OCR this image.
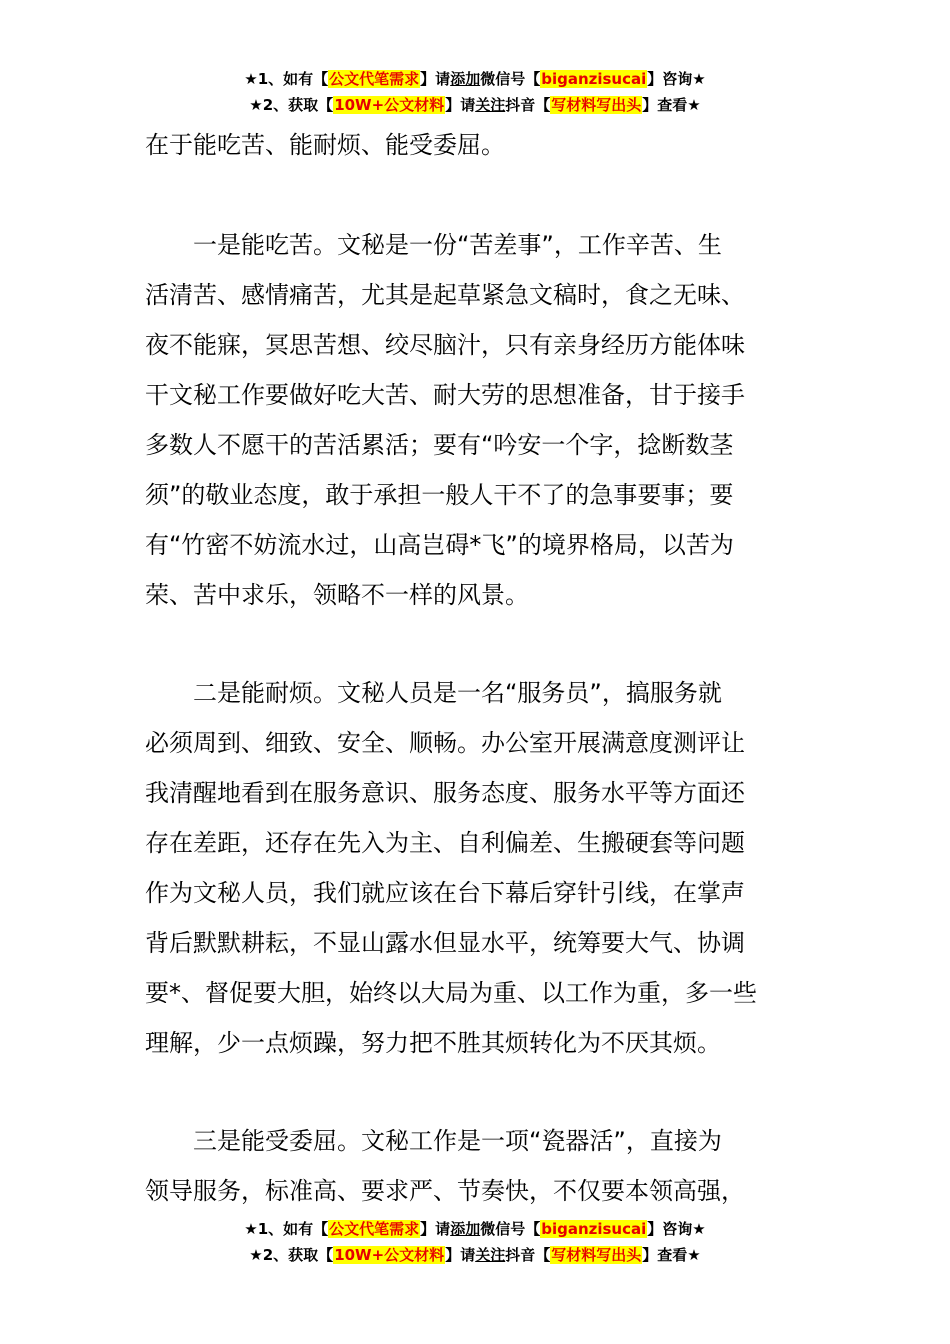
★1、如有【公文代笔需求】请添加微信号【biganzisucai】咨询★
★2、获取【10W+公文材料】请关注抖音【写材料写出头】查看★
在于能吃苦、能耐烦、能受委屈。
一是能吃苦。文秘是一份“苦差事”，工作辛苦、生
活清苦、感情痛苦，尤其是起草紧急文稿时，食之无味、
夜不能寐，冥思苦想、绞尽脑汁，只有亲身经历方能体味
干文秘工作要做好吃大苦、耐大劳的思想准备，甘于接手
多数人不愿干的苦活累活；要有“吟安一个字，捻断数茎
须”的敬业态度，敢于承担一般人干不了的急事要事；要
有“竹密不妨流水过，山高岂碍*飞”的境界格局，以苦为
荣、苦中求乐，领略不一样的风景。
二是能耐烦。文秘人员是一名“服务员”，搞服务就
必须周到、细致、安全、顺畅。办公室开展满意度测评让
我清醒地看到在服务意识、服务态度、服务水平等方面还
存在差距，还存在先入为主、自利偏差、生搬硬套等问题
作为文秘人员，我们就应该在台下幕后穿针引线，在掌声
背后默默耕耘，不显山露水但显水平，统筹要大气、协调
要*、督促要大胆，始终以大局为重、以工作为重，多一些
理解，少一点烦躁，努力把不胜其烦转化为不厌其烦。
三是能受委屈。文秘工作是一项“瓷器活”，直接为
领导服务，标准高、要求严、节奏快，不仅要本领高强，
★1、如有【公文代笔需求】请添加微信号【biganzisucai】咨询★
★2、获取【10W+公文材料】请关注抖音【写材料写出头】查看★
